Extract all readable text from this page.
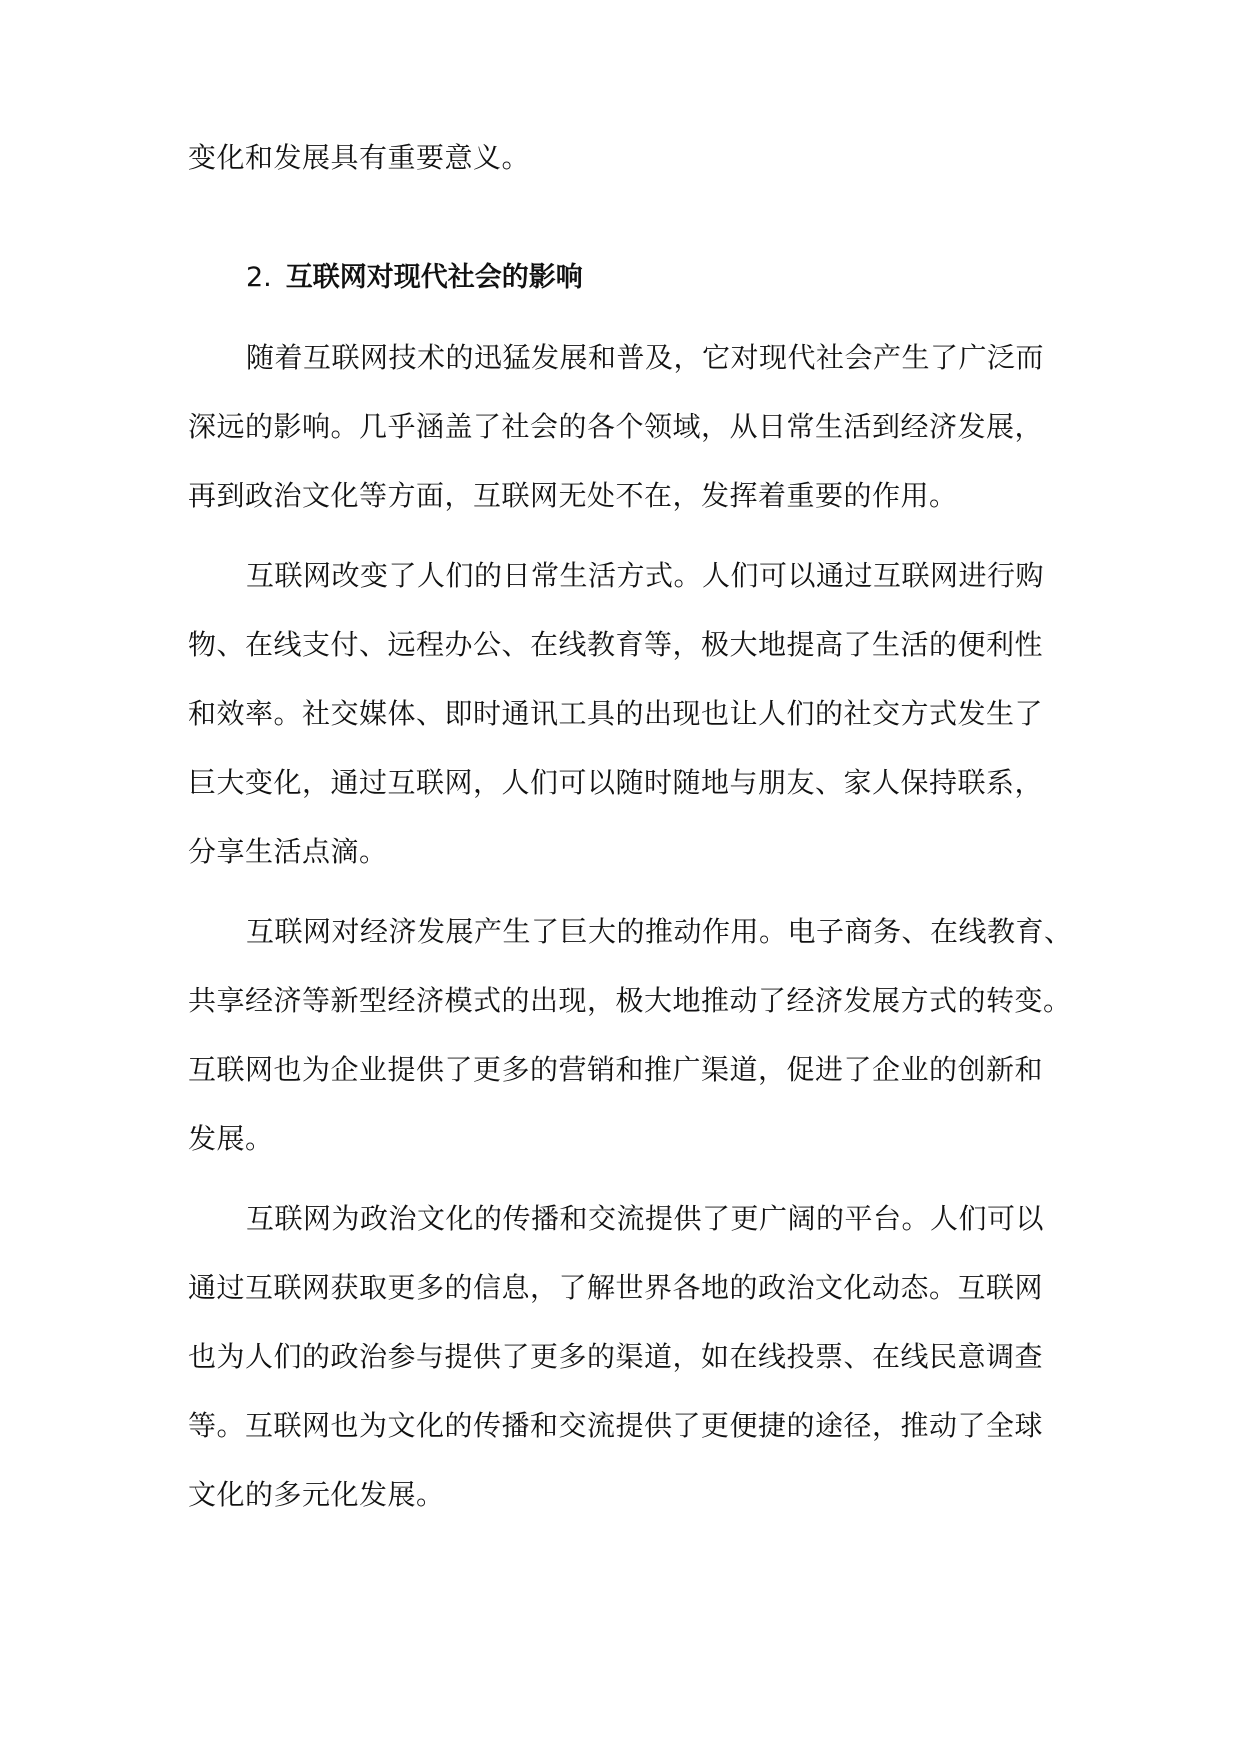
变化和发展具有重要意义。
2. 互联网对现代社会的影响
随着互联网技术的迅猛发展和普及，它对现代社会产生了广泛而
深远的影响。几乎涵盖了社会的各个领域，从日常生活到经济发展，
再到政治文化等方面，互联网无处不在，发挥着重要的作用。
互联网改变了人们的日常生活方式。人们可以通过互联网进行购
物、在线支付、远程办公、在线教育等，极大地提高了生活的便利性
和效率。社交媒体、即时通讯工具的出现也让人们的社交方式发生了
巨大变化，通过互联网，人们可以随时随地与朋友、家人保持联系，
分享生活点滴。
互联网对经济发展产生了巨大的推动作用。电子商务、在线教育、
共享经济等新型经济模式的出现，极大地推动了经济发展方式的转变。
互联网也为企业提供了更多的营销和推广渠道，促进了企业的创新和
发展。
互联网为政治文化的传播和交流提供了更广阔的平台。人们可以
通过互联网获取更多的信息，了解世界各地的政治文化动态。互联网
也为人们的政治参与提供了更多的渠道，如在线投票、在线民意调查
等。互联网也为文化的传播和交流提供了更便捷的途径，推动了全球
文化的多元化发展。
